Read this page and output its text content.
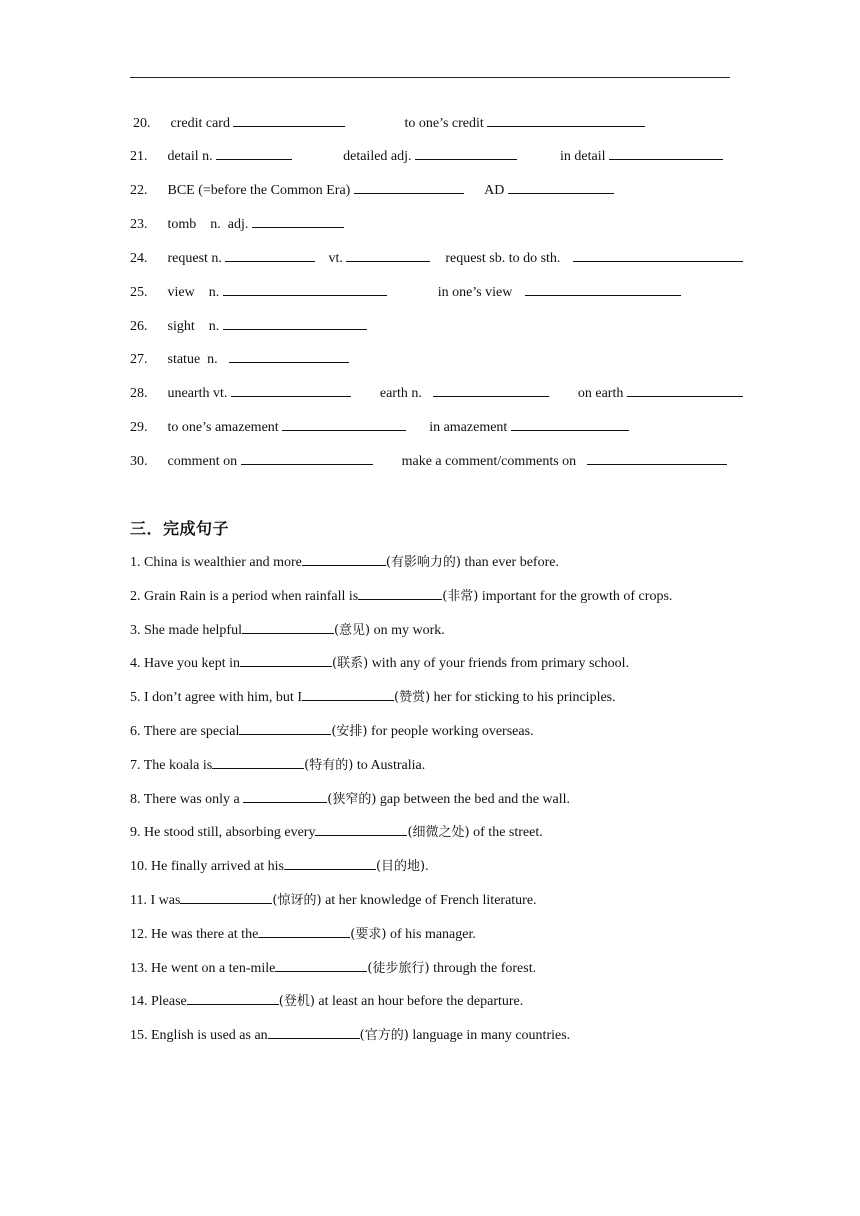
20. credit card	to one’s credit
21. detail n.	detailed adj.	in detail
22. BCE (=before the Common Era)	AD
23. tomb    n.  adj.
24. request n.	vt.	request sb. to do sth.
25. view    n.	in one’s view
26. sight    n.
27. statue  n.
28. unearth vt.	earth n.	on earth
29. to one’s amazement	in amazement
30. comment on	make a comment/comments on
三．完成句子
1. China is wealthier and more	(有影响力的) than ever before.
2. Grain Rain is a period when rainfall is	(非常) important for the growth of crops.
3. She made helpful	(意见) on my work.
4. Have you kept in	(联系) with any of your friends from primary school.
5. I don’t agree with him, but I	(赞赏) her for sticking to his principles.
6. There are special	(安排) for people working overseas.
7. The koala is	(特有的) to Australia.
8. There was only a	(狭窄的) gap between the bed and the wall.
9. He stood still, absorbing every	(细微之处) of the street.
10. He finally arrived at his	(目的地).
11. I was	(惊讶的) at her knowledge of French literature.
12. He was there at the	(要求) of his manager.
13. He went on a ten-mile	(徒步旅行) through the forest.
14. Please	(登机) at least an hour before the departure.
15. English is used as an	(官方的) language in many countries.
